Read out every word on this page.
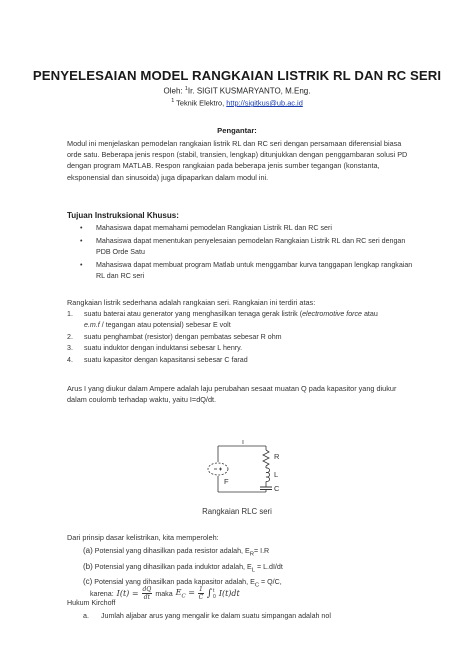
PENYELESAIAN MODEL RANGKAIAN LISTRIK RL DAN RC SERI
Oleh: $^1$Ir. SIGIT KUSMARYANTO, M.Eng.
$^1$ Teknik Elektro, http://sigitkus@ub.ac.id
Pengantar:
Modul ini menjelaskan pemodelan rangkaian listrik RL dan RC seri dengan persamaan diferensial biasa orde satu. Beberapa jenis respon (stabil, transien, lengkap) ditunjukkan dengan penggambaran solusi PD dengan program MATLAB. Respon rangkaian pada beberapa jenis sumber tegangan (konstanta, eksponensial dan sinusoida) juga dipaparkan dalam modul ini.
Tujuan Instruksional Khusus:
• Mahasiswa dapat memahami pemodelan Rangkaian Listrik RL dan RC seri
• Mahasiswa dapat menentukan penyelesaian pemodelan Rangkaian Listrik RL dan RC seri dengan PDB Orde Satu
• Mahasiswa dapat membuat program Matlab untuk menggambar kurva tanggapan lengkap rangkaian RL dan RC seri
Rangkaian listrik sederhana adalah rangkaian seri. Rangkaian ini terdiri atas:
1.	suatu baterai atau generator yang menghasilkan tenaga gerak listrik (electromotive force atau
e.m.f / tegangan atau potensial) sebesar E volt
2.	suatu penghambat (resistor) dengan pembatas sebesar R ohm
3.	suatu induktor dengan induktansi sebesar L henry.
4.	suatu kapasitor dengan kapasitansi sebesar C farad
Arus I yang diukur dalam Ampere adalah laju perubahan sesaat muatan Q pada kapasitor yang diukur dalam coulomb terhadap waktu, yaitu I=dQ/dt.
I
R
L
C
F
Rangkaian RLC seri
Dari prinsip dasar kelistrikan, kita memperoleh:
(a) Potensial yang dihasilkan pada resistor adalah, $E_R= I.R$
(b) Potensial yang dihasilkan pada induktor adalah, $E_L = L.dI/dt$
(c) Potensial yang dihasilkan pada kapasitor adalah, $E_C = Q/C$,
karena: $I(t) = \frac{dQ}{dt}$ maka $E_C = \frac{1}{C}$ ∫ t
0 I(t)dt
Hukum Kirchoff
a. Jumlah aljabar arus yang mengalir ke dalam suatu simpangan adalah nol
